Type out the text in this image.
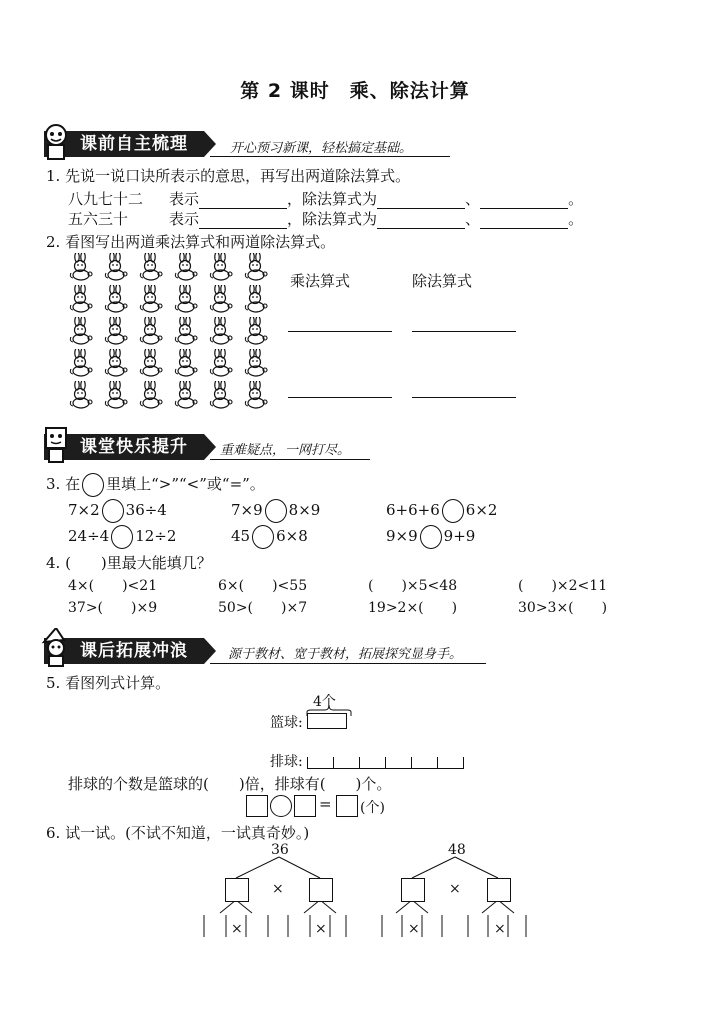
第 2 课时　乘、除法计算
课前自主梳理	开心预习新课，轻松搞定基础。
1. 先说一说口诀所表示的意思，再写出两道除法算式。
八九七十二 表示	，除法算式为	、	。
五六三十	表示	，除法算式为	、	。
2. 看图写出两道乘法算式和两道除法算式。
乘法算式	除法算式
课堂快乐提升	重难疑点，一网打尽。
3. 在 里填上“>”“<”或“=”。
7×2 36÷4	7×9 8×9	6+6+6 6×2
24÷4 12÷2	45 6×8	9×9 9+9
4. (　　)里最大能填几？
4×(　　)<21	6×(　　)<55	(　　)×5<48	(　　)×2<11
37>(　　)×9	50>(　　)×7	19>2×(　　)	30>3×(　　)
课后拓展冲浪	源于教材、宽于教材，拓展探究显身手。
5. 看图列式计算。
4个
篮球:
排球:
排球的个数是篮球的(　　)倍，排球有(　　)个。
= (个)
6. 试一试。(不试不知道，一试真奇妙。)
36
×
×	×
48
×
×	×
